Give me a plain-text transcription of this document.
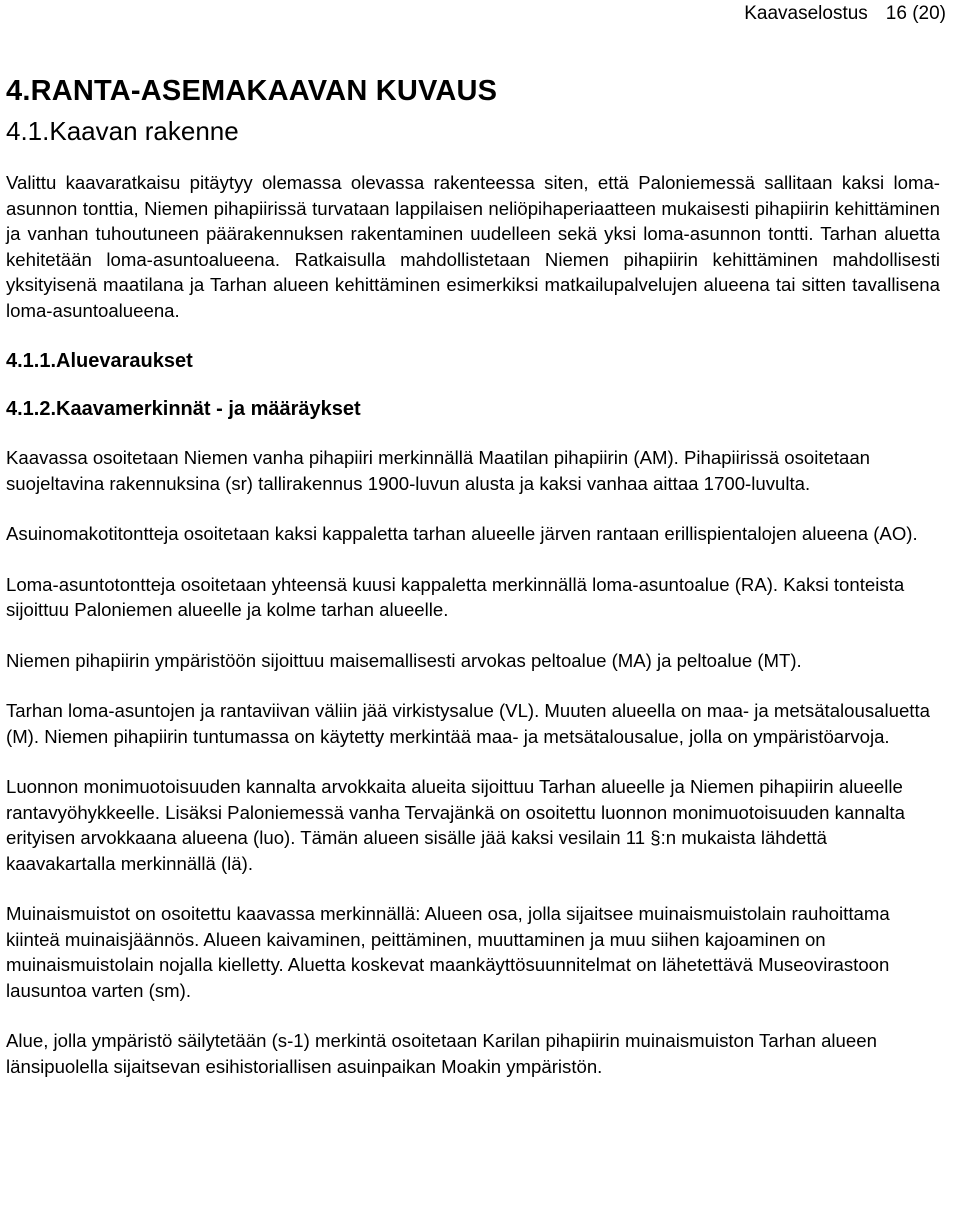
Kaavaselostus 16 (20)
4.RANTA-ASEMAKAAVAN KUVAUS
4.1.Kaavan rakenne

Valittu kaavaratkaisu pitäytyy olemassa olevassa rakenteessa siten, että Paloniemessä sallitaan kaksi loma-asunnon tonttia, Niemen pihapiirissä turvataan lappilaisen neliöpihaperiaatteen mukaisesti pihapiirin kehittäminen ja vanhan tuhoutuneen päärakennuksen rakentaminen uudelleen sekä yksi loma-asunnon tontti. Tarhan aluetta kehitetään loma-asuntoalueena. Ratkaisulla mahdollistetaan Niemen pihapiirin kehittäminen mahdollisesti yksityisenä maatilana ja Tarhan alueen kehittäminen esimerkiksi matkailupalvelujen alueena tai sitten tavallisena loma-asuntoalueena.

4.1.1.Aluevaraukset
4.1.2.Kaavamerkinnät - ja määräykset

Kaavassa osoitetaan Niemen vanha pihapiiri merkinnällä Maatilan pihapiirin (AM). Pihapiirissä osoitetaan suojeltavina rakennuksina (sr) tallirakennus 1900-luvun alusta ja kaksi vanhaa aittaa 1700-luvulta.

Asuinomakotitontteja osoitetaan kaksi kappaletta tarhan alueelle järven rantaan erillispientalojen alueena (AO).

Loma-asuntotontteja osoitetaan yhteensä kuusi kappaletta merkinnällä loma-asuntoalue (RA). Kaksi tonteista sijoittuu Paloniemen alueelle ja kolme tarhan alueelle.

Niemen pihapiirin ympäristöön sijoittuu maisemallisesti arvokas peltoalue (MA) ja peltoalue (MT).

Tarhan loma-asuntojen ja rantaviivan väliin jää virkistysalue (VL). Muuten alueella on maa- ja metsätalousaluetta (M). Niemen pihapiirin tuntumassa on käytetty merkintää maa- ja metsätalousalue, jolla on ympäristöarvoja.

Luonnon monimuotoisuuden kannalta arvokkaita alueita sijoittuu Tarhan alueelle ja Niemen pihapiirin alueelle rantavyöhykkeelle. Lisäksi Paloniemessä vanha Tervajänkä on osoitettu luonnon monimuotoisuuden kannalta erityisen arvokkaana alueena (luo). Tämän alueen sisälle jää kaksi vesilain 11 §:n mukaista lähdettä kaavakartalla merkinnällä (lä).

Muinaismuistot on osoitettu kaavassa merkinnällä: Alueen osa, jolla sijaitsee muinaismuistolain rauhoittama kiinteä muinaisjäännös. Alueen kaivaminen, peittäminen, muuttaminen ja muu siihen kajoaminen on muinaismuistolain nojalla kielletty. Aluetta koskevat maankäyttösuunnitelmat on lähetettävä Museovirastoon lausuntoa varten (sm).

Alue, jolla ympäristö säilytetään (s-1) merkintä osoitetaan Karilan pihapiirin muinaismuiston Tarhan alueen länsipuolella sijaitsevan esihistoriallisen asuinpaikan Moakin ympäristön.
